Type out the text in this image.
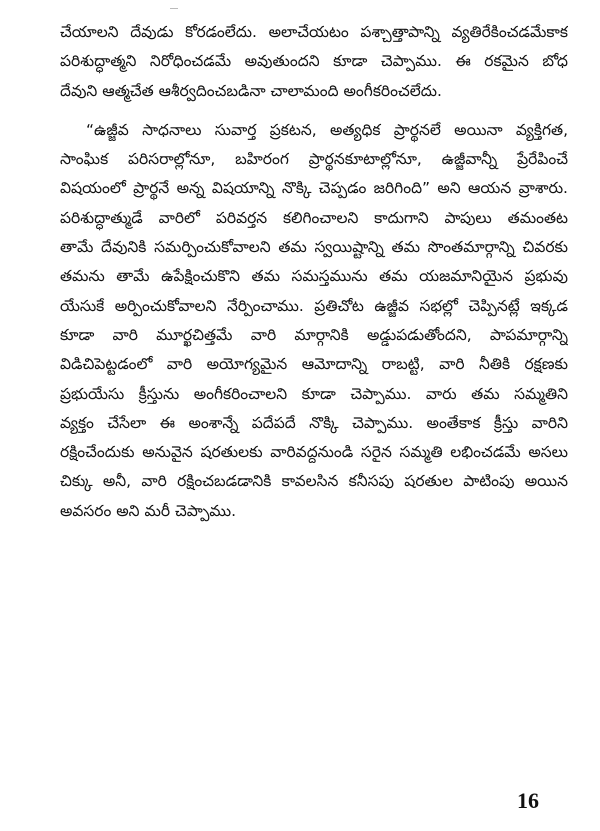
చేయాలని దేవుడు కోరడంలేదు. అలాచేయటం పశ్చాత్తాపాన్ని వ్యతిరేకించడమేకాక
పరిశుద్ధాత్మని నిరోధించడమే అవుతుందని కూడా చెప్పాము. ఈ రకమైన బోధ
దేవుని ఆత్మచేత ఆశీర్వదించబడినా చాలామంది అంగీకరించలేదు.
“ఉజ్జీవ సాధనాలు సువార్త ప్రకటన, అత్యధిక ప్రార్థనలే అయినా వ్యక్తిగత,
సాంఘిక పరిసరాల్లోనూ, బహిరంగ ప్రార్థనకూటాల్లోనూ, ఉజ్జీవాన్నీ ప్రేరేపించే
విషయంలో ప్రార్థనే అన్న విషయాన్ని నొక్కి చెప్పడం జరిగింది” అని ఆయన వ్రాశారు.
పరిశుద్ధాత్ముడే వారిలో పరివర్తన కలిగించాలని కాదుగాని పాపులు తమంతట
తామే దేవునికి సమర్పించుకోవాలని తమ స్వయిష్టాన్ని తమ సొంతమార్గాన్ని చివరకు
తమను తామే ఉపేక్షించుకొని తమ సమస్తమును తమ యజమానియైన ప్రభువు
యేసుకే అర్పించుకోవాలని నేర్పించాము. ప్రతిచోట ఉజ్జీవ సభల్లో చెప్పినట్లే ఇక్కడ
కూడా వారి మూర్ఖచిత్తమే వారి మార్గానికి అడ్డుపడుతోందని, పాపమార్గాన్ని
విడిచిపెట్టడంలో వారి అయోగ్యమైన ఆమోదాన్ని రాబట్టి, వారి నీతికి రక్షణకు
ప్రభుయేసు క్రీస్తును అంగీకరించాలని కూడా చెప్పాము. వారు తమ సమ్మతిని
వ్యక్తం చేసేలా ఈ అంశాన్నే పదేపదే నొక్కి చెప్పాము. అంతేకాక క్రీస్తు వారిని
రక్షించేందుకు అనువైన షరతులకు వారివద్దనుండి సరైన సమ్మతి లభించడమే అసలు
చిక్కు అనీ, వారి రక్షించబడడానికి కావలసిన కనీసపు షరతుల పాటింపు అయిన
అవసరం అని మరీ చెప్పాము.
16
